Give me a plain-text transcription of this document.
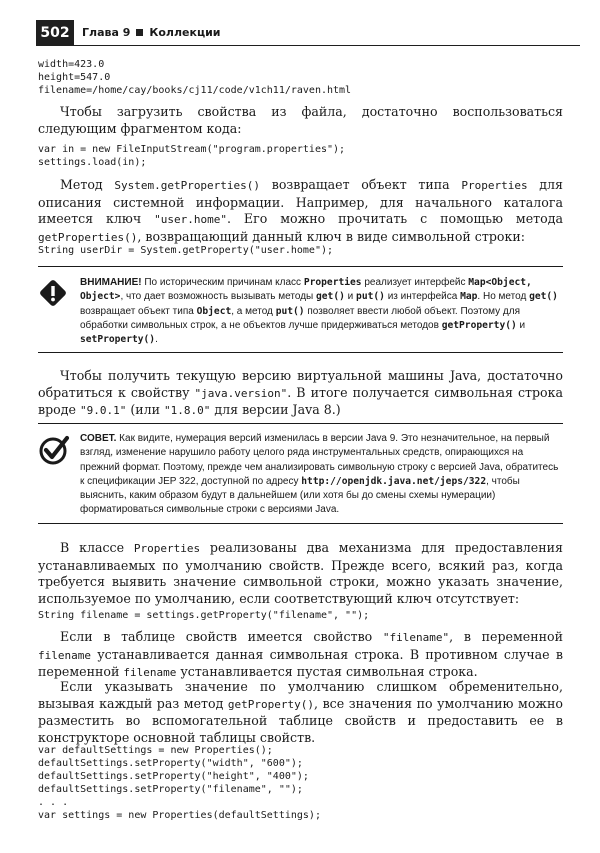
502	Глава 9 Коллекции
width=423.0
height=547.0
filename=/home/cay/books/cj11/code/v1ch11/raven.html
Чтобы загрузить свойства из файла, достаточно воспользоваться следующим фрагментом кода:
var in = new FileInputStream("program.properties");
settings.load(in);
Метод System.getProperties() возвращает объект типа Properties для описания системной информации. Например, для начального каталога имеется ключ "user.home". Его можно прочитать с помощью метода getProperties(), возвращающий данный ключ в виде символьной строки:
String userDir = System.getProperty("user.home");
ВНИМАНИЕ! По историческим причинам класс Properties реализует интерфейс Map<Object, Object>, что дает возможность вызывать методы get() и put() из интерфейса Map. Но метод get() возвращает объект типа Object, а метод put() позволяет ввести любой объект. Поэтому для обработки символьных строк, а не объектов лучше придерживаться методов getProperty() и setProperty().
Чтобы получить текущую версию виртуальной машины Java, достаточно обратиться к свойству "java.version". В итоге получается символьная строка вроде "9.0.1" (или "1.8.0" для версии Java 8.)
СОВЕТ. Как видите, нумерация версий изменилась в версии Java 9. Это незначительное, на первый взгляд, изменение нарушило работу целого ряда инструментальных средств, опирающихся на прежний формат. Поэтому, прежде чем анализировать символьную строку с версией Java, обратитесь к спецификации JEP 322, доступной по адресу http://openjdk.java.net/jeps/322, чтобы выяснить, каким образом будут в дальнейшем (или хотя бы до смены схемы нумерации) форматироваться символьные строки с версиями Java.
В классе Properties реализованы два механизма для предоставления устанавливаемых по умолчанию свойств. Прежде всего, всякий раз, когда требуется выявить значение символьной строки, можно указать значение, используемое по умолчанию, если соответствующий ключ отсутствует:
String filename = settings.getProperty("filename", "");
Если в таблице свойств имеется свойство "filename", в переменной filename устанавливается данная символьная строка. В противном случае в переменной filename устанавливается пустая символьная строка.
Если указывать значение по умолчанию слишком обременительно, вызывая каждый раз метод getProperty(), все значения по умолчанию можно разместить во вспомогательной таблице свойств и предоставить ее в конструкторе основной таблицы свойств.
var defaultSettings = new Properties();
defaultSettings.setProperty("width", "600");
defaultSettings.setProperty("height", "400");
defaultSettings.setProperty("filename", "");
. . .
var settings = new Properties(defaultSettings);
